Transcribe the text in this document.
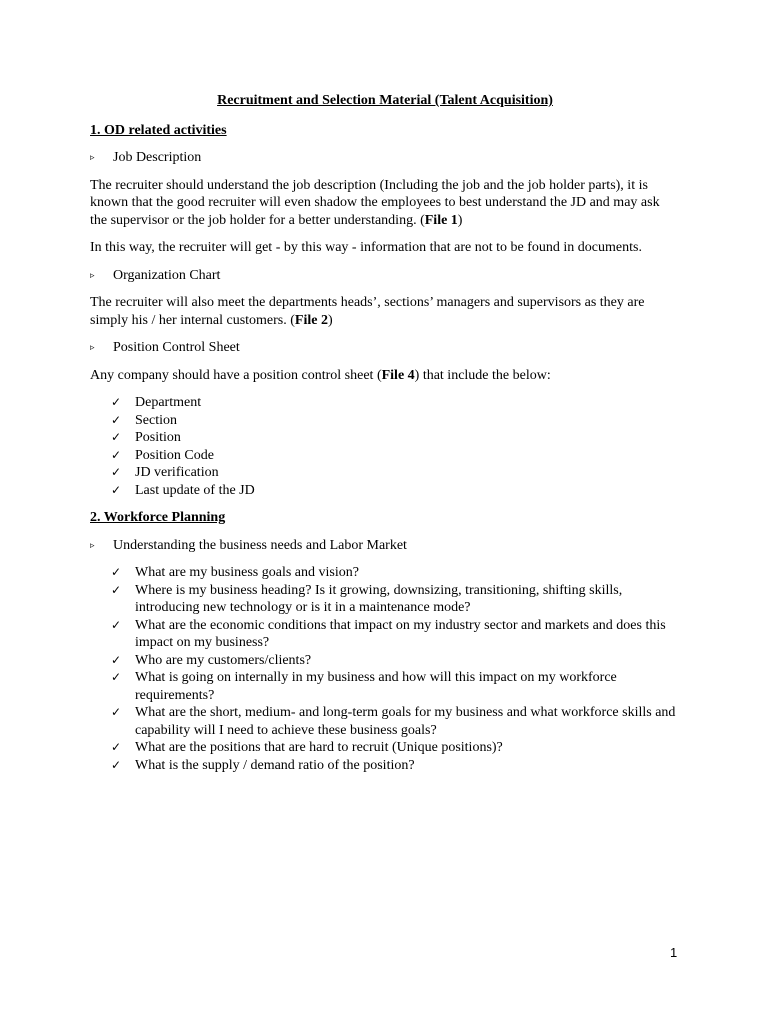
Recruitment and Selection Material (Talent Acquisition)
1. OD related activities
▹ Job Description

The recruiter should understand the job description (Including the job and the job holder parts), it is known that the good recruiter will even shadow the employees to best understand the JD and may ask the supervisor or the job holder for a better understanding. (File 1)

In this way, the recruiter will get - by this way - information that are not to be found in documents.

▹ Organization Chart

The recruiter will also meet the departments heads’, sections’ managers and supervisors as they are simply his / her internal customers. (File 2)

▹ Position Control Sheet

Any company should have a position control sheet (File 4) that include the below:

✓ Department
✓ Section
✓ Position
✓ Position Code
✓ JD verification
✓ Last update of the JD
2. Workforce Planning
▹ Understanding the business needs and Labor Market
✓ What are my business goals and vision?
✓ Where is my business heading? Is it growing, downsizing, transitioning, shifting skills, introducing new technology or is it in a maintenance mode?
✓ What are the economic conditions that impact on my industry sector and markets and does this impact on my business?
✓ Who are my customers/clients?
✓ What is going on internally in my business and how will this impact on my workforce requirements?
✓ What are the short, medium- and long-term goals for my business and what workforce skills and capability will I need to achieve these business goals?
✓ What are the positions that are hard to recruit (Unique positions)?
✓ What is the supply / demand ratio of the position?
1
